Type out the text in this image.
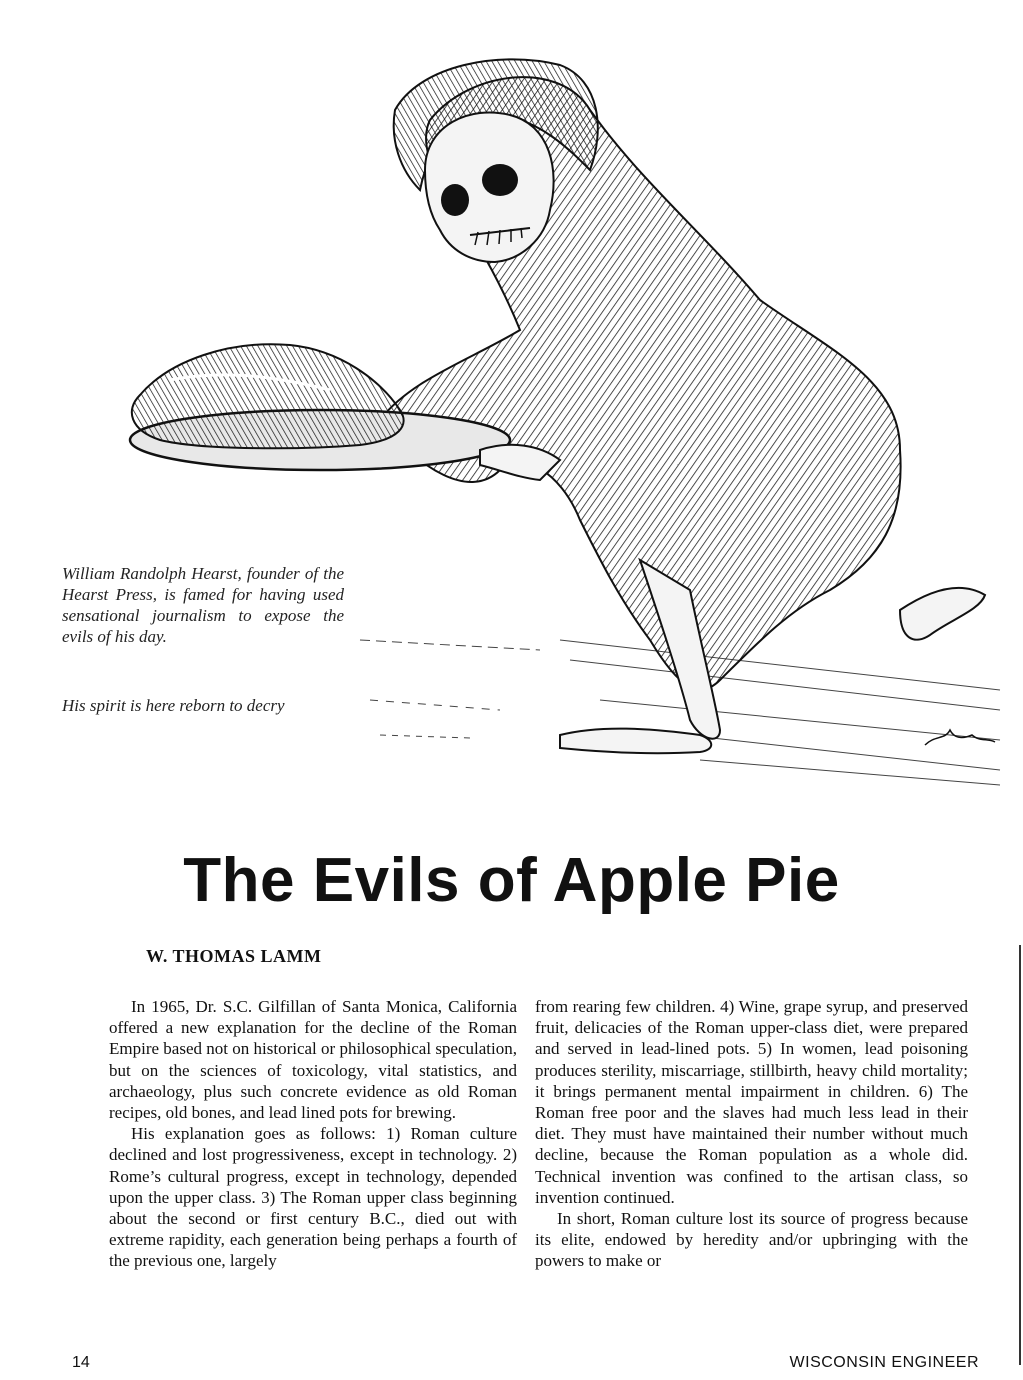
William Randolph Hearst, founder of the Hearst Press, is famed for having used sensational journalism to expose the evils of his day.
His spirit is here reborn to decry
The Evils of Apple Pie
W. THOMAS LAMM

In 1965, Dr. S.C. Gilfillan of Santa Monica, California offered a new explanation for the decline of the Roman Empire based not on historical or philosophical speculation, but on the sciences of toxicology, vital statistics, and archaeology, plus such concrete evidence as old Roman recipes, old bones, and lead lined pots for brewing.

His explanation goes as follows: 1) Roman culture declined and lost progressiveness, except in technology. 2) Rome’s cultural progress, except in technology, depended upon the upper class. 3) The Roman upper class beginning about the second or first century B.C., died out with extreme rapidity, each generation being perhaps a fourth of the previous one, largely

from rearing few children. 4) Wine, grape syrup, and preserved fruit, delicacies of the Roman upper-class diet, were prepared and served in lead-lined pots. 5) In women, lead poisoning produces sterility, miscarriage, stillbirth, heavy child mortality; it brings permanent mental impairment in children. 6) The Roman free poor and the slaves had much less lead in their diet. They must have maintained their number without much decline, because the Roman population as a whole did. Technical invention was confined to the artisan class, so invention continued.

In short, Roman culture lost its source of progress because its elite, endowed by heredity and/or upbringing with the powers to make or

14	WISCONSIN ENGINEER
